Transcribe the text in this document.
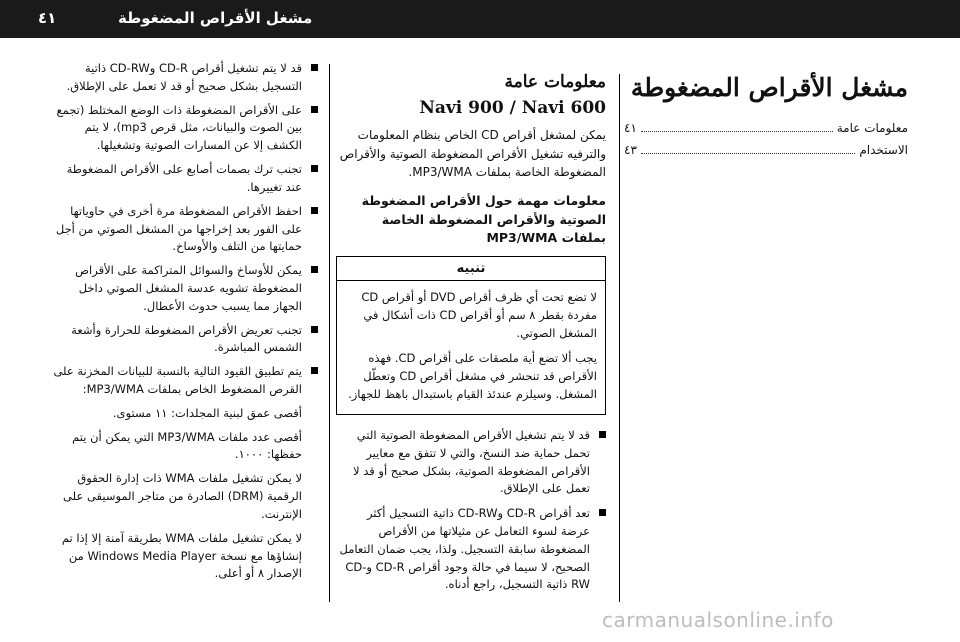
مشغل الأقراص المضغوطة
٤١
مشغل الأقراص المضغوطة
معلومات عامة
٤١
الاستخدام
٤٣
معلومات عامة
Navi 900 / Navi 600

يمكن لمشغل أقراص CD الخاص بنظام المعلومات والترفيه تشغيل الأقراص المضغوطة الصوتية والأقراص المضغوطة الخاصة بملفات MP3/WMA.

معلومات مهمة حول الأقراص المضغوطة الصوتية والأقراص المضغوطة الخاصة بملفات MP3/WMA
تنبيه

لا تضع تحت أي ظرف أقراص DVD أو أقراص CD مفردة بقطر ٨ سم أو أقراص CD ذات أشكال في المشغل الصوتي.

يجب ألا تضع أية ملصقات على أقراص CD. فهذه الأقراص قد تنحشر في مشغل أقراص CD وتعطّل المشغل. وسيلزم عندئذ القيام باستبدال باهظ للجهاز.

قد لا يتم تشغيل الأقراص المضغوطة الصوتية التي تحمل حماية ضد النسخ، والتي لا تتفق مع معايير الأقراص المضغوطة الصوتية، بشكل صحيح أو قد لا تعمل على الإطلاق.
تعد أقراص CD-R وCD-RW ذاتية التسجيل أكثر عرضة لسوء التعامل عن مثيلاتها من الأقراص المضغوطة سابقة التسجيل. ولذا، يجب ضمان التعامل الصحيح، لا سيما في حالة وجود أقراص CD-R وCD-RW ذاتية التسجيل، راجع أدناه.
قد لا يتم تشغيل أقراص CD-R وCD-RW ذاتية التسجيل بشكل صحيح أو قد لا تعمل على الإطلاق.
على الأقراص المضغوطة ذات الوضع المختلط (تجمع بين الصوت والبيانات، مثل قرص mp3)، لا يتم الكشف إلا عن المسارات الصوتية وتشغيلها.
تجنب ترك بصمات أصابع على الأقراص المضغوطة عند تغييرها.
احفظ الأقراص المضغوطة مرة أخرى في حاوياتها على الفور بعد إخراجها من المشغل الصوتي من أجل حمايتها من التلف والأوساخ.
يمكن للأوساخ والسوائل المتراكمة على الأقراص المضغوطة تشويه عدسة المشغل الصوتي داخل الجهاز مما يسبب حدوث الأعطال.
تجنب تعريض الأقراص المضغوطة للحرارة وأشعة الشمس المباشرة.
يتم تطبيق القيود التالية بالنسبة للبيانات المخزنة على القرص المضغوط الخاص بملفات MP3/WMA:
أقصى عمق لبنية المجلدات: ١١ مستوى.
أقصى عدد ملفات MP3/WMA التي يمكن أن يتم حفظها: ١٠٠٠.
لا يمكن تشغيل ملفات WMA ذات إدارة الحقوق الرقمية (DRM) الصادرة من متاجر الموسيقى على الإنترنت.
لا يمكن تشغيل ملفات WMA بطريقة آمنة إلا إذا تم إنشاؤها مع نسخة Windows Media Player من الإصدار ٨ أو أعلى.
carmanualsonline.info
